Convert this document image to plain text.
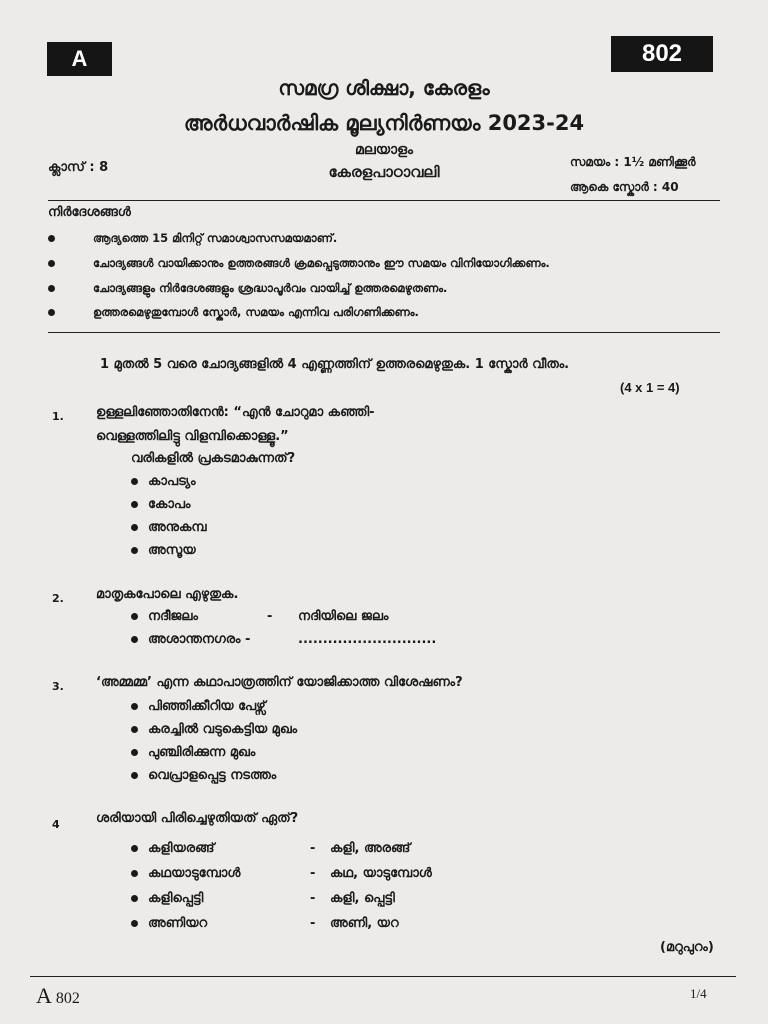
A	802
സമഗ്ര ശിക്ഷാ, കേരളം
അർധവാർഷിക മൂല്യനിർണയം 2023-24
മലയാളം
കേരളപാഠാവലി
ക്ലാസ് : 8	സമയം : 1½ മണിക്കൂർ
ആകെ സ്കോർ : 40
നിർദേശങ്ങൾ
ആദ്യത്തെ 15 മിനിറ്റ് സമാശ്വാസസമയമാണ്.
ചോദ്യങ്ങൾ വായിക്കാനും ഉത്തരങ്ങൾ ക്രമപ്പെടുത്താനും ഈ സമയം വിനിയോഗിക്കണം.
ചോദ്യങ്ങളും നിർദേശങ്ങളും ശ്രദ്ധാപൂർവം വായിച്ച് ഉത്തരമെഴുതണം.
ഉത്തരമെഴുതുമ്പോൾ സ്കോർ, സമയം എന്നിവ പരിഗണിക്കണം.
1 മുതൽ 5 വരെ ചോദ്യങ്ങളിൽ 4 എണ്ണത്തിന് ഉത്തരമെഴുതുക. 1 സ്കോർ വീതം.
(4 x 1 = 4)
1. ഉള്ളലിഞ്ഞോതിനേൻ: “എൻ ചോറുമാ കഞ്ഞി-
വെള്ളത്തിലിട്ടു വിളമ്പിക്കൊള്ളൂ.”
വരികളിൽ പ്രകടമാകുന്നത്?
കാപട്യം
കോപം
അനുകമ്പ
അസൂയ
2. മാതൃകപോലെ എഴുതുക.
നദീജലം	- നദിയിലെ ജലം
അശാന്തനഗരം -	............................
3. ‘അമ്മമ്മ’ എന്ന കഥാപാത്രത്തിന് യോജിക്കാത്ത വിശേഷണം?
പിഞ്ഞിക്കീറിയ പേഴ്സ്
കരച്ചിൽ വടുകെട്ടിയ മുഖം
പുഞ്ചിരിക്കുന്ന മുഖം
വെപ്രാളപ്പെട്ട നടത്തം
4	ശരിയായി പിരിച്ചെഴുതിയത് ഏത്?
കളിയരങ്ങ്	- കളി, അരങ്ങ്
കഥയാടുമ്പോൾ	- കഥ, യാടുമ്പോൾ
കളിപ്പെട്ടി	- കളി, പ്പെട്ടി
അണിയറ	- അണി, യറ
(മറുപുറം)
A 802	1/4
